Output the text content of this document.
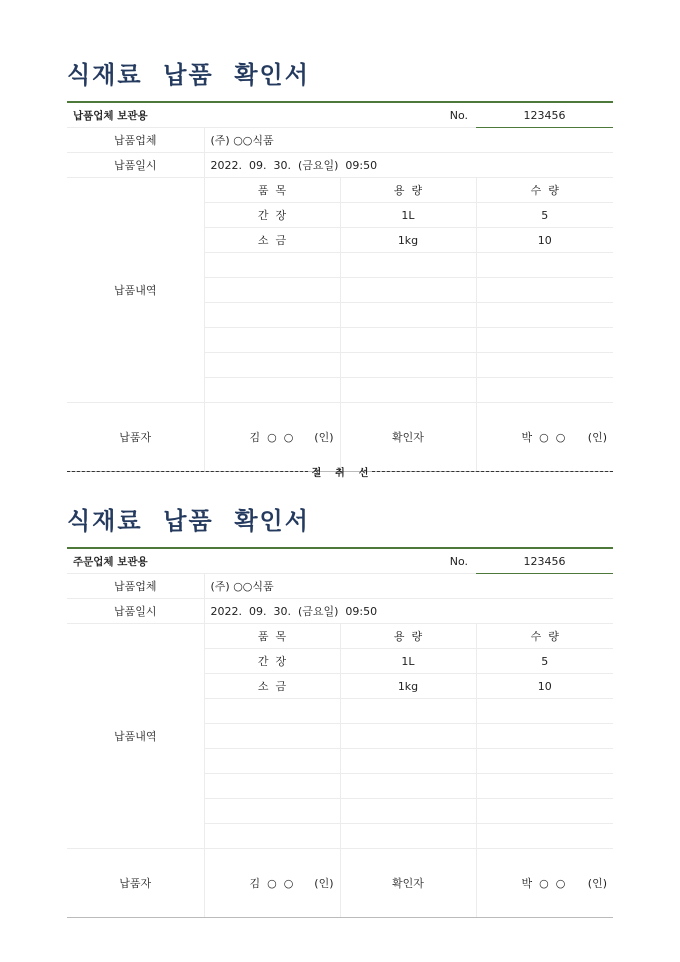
식재료  납품  확인서
납품업체 보관용		No.	123456
납품업체	(주) ○○식품		
납품일시	2022.  09.  30.  (금요일)  09:50		
납품내역	품  목	용  량	수  량
	간  장	1L	5
	소  금	1kg	10

납품자	김  ○  ○ (인)	확인자	박  ○  ○ (인)

절    취    선
식재료  납품  확인서
주문업체 보관용		No.	123456
납품업체	(주) ○○식품		
납품일시	2022.  09.  30.  (금요일)  09:50		
납품내역	품  목	용  량	수  량
	간  장	1L	5
	소  금	1kg	10

납품자	김  ○  ○ (인)	확인자	박  ○  ○ (인)
